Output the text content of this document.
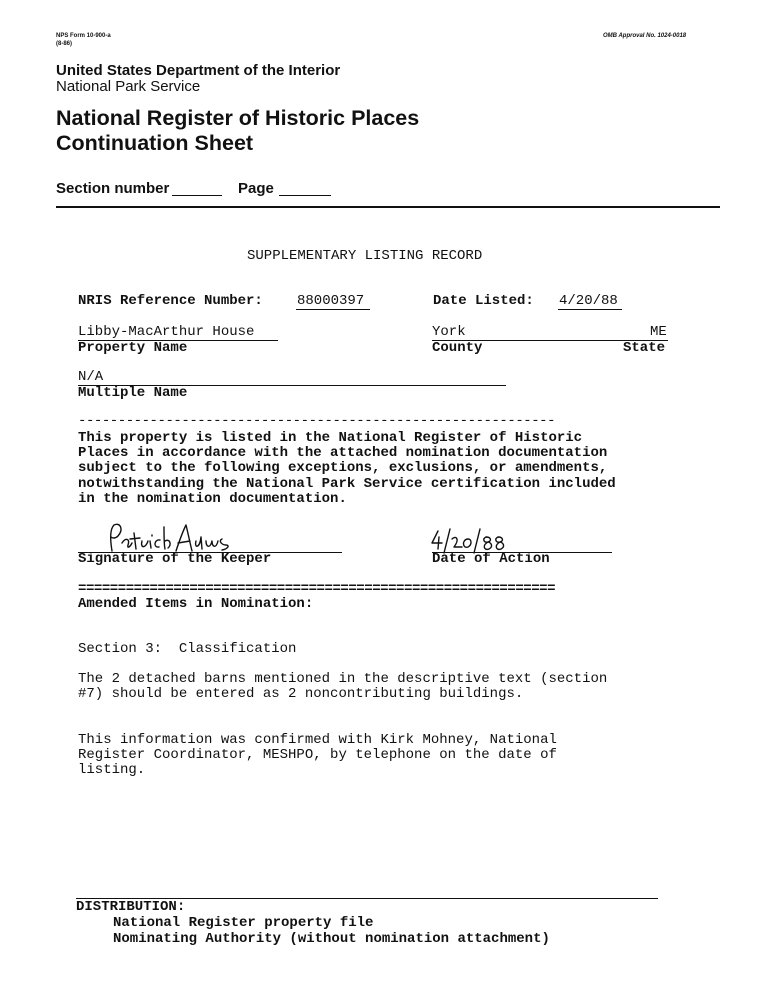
NPS Form 10-900-a
(8-86)
OMB Approval No. 1024-0018
United States Department of the Interior
National Park Service
National Register of Historic Places
Continuation Sheet
Section number	Page
SUPPLEMENTARY LISTING RECORD
NRIS Reference Number: 88000397	Date Listed: 4/20/88
Libby-MacArthur House
Property Name
York
County
ME
State
N/A
Multiple Name
------------------------------------------------------------

This property is listed in the National Register of Historic

Places in accordance with the attached nomination documentation

subject to the following exceptions, exclusions, or amendments,

notwithstanding the National Park Service certification included

in the nomination documentation.

Signature of the Keeper	Date of Action
============================================================
Amended Items in Nomination:
Section 3:  Classification

The 2 detached barns mentioned in the descriptive text (section

#7) should be entered as 2 noncontributing buildings.

This information was confirmed with Kirk Mohney, National

Register Coordinator, MESHPO, by telephone on the date of

listing.

DISTRIBUTION:
National Register property file
Nominating Authority (without nomination attachment)
